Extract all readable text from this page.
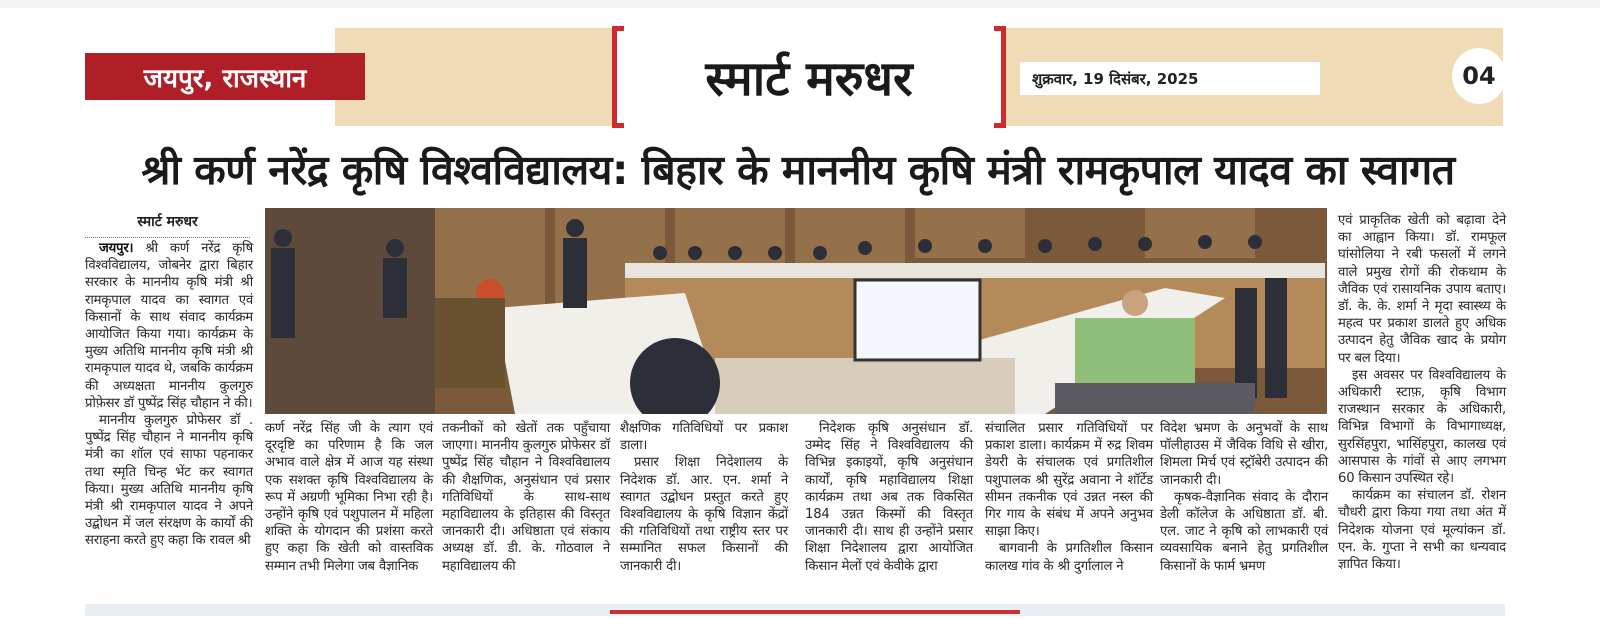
जयपुर, राजस्थान	स्मार्ट मरुधर	शुक्रवार, 19 दिसंबर, 2025	04
श्री कर्ण नरेंद्र कृषि विश्वविद्यालय: बिहार के माननीय कृषि मंत्री रामकृपाल यादव का स्वागत
स्मार्ट मरुधर

जयपुर। श्री कर्ण नरेंद्र कृषि विश्वविद्यालय, जोबनेर द्वारा बिहार सरकार के माननीय कृषि मंत्री श्री रामकृपाल यादव का स्वागत एवं किसानों के साथ संवाद कार्यक्रम आयोजित किया गया। कार्यक्रम के मुख्य अतिथि माननीय कृषि मंत्री श्री रामकृपाल यादव थे, जबकि कार्यक्रम की अध्यक्षता माननीय कुलगुरु प्रोफ़ेसर डॉ पुष्पेंद्र सिंह चौहान ने की।

माननीय कुलगुरु प्रोफेसर डॉ . पुष्पेंद्र सिंह चौहान ने माननीय कृषि मंत्री का शॉल एवं साफा पहनाकर तथा स्मृति चिन्ह भेंट कर स्वागत किया। मुख्य अतिथि माननीय कृषि मंत्री श्री रामकृपाल यादव ने अपने उद्बोधन में जल संरक्षण के कार्यों की सराहना करते हुए कहा कि रावल श्री

कर्ण नरेंद्र सिंह जी के त्याग एवं दूरदृष्टि का परिणाम है कि जल अभाव वाले क्षेत्र में आज यह संस्था एक सशक्त कृषि विश्वविद्यालय के रूप में अग्रणी भूमिका निभा रही है। उन्होंने कृषि एवं पशुपालन में महिला शक्ति के योगदान की प्रशंसा करते हुए कहा कि खेती को वास्तविक सम्मान तभी मिलेगा जब वैज्ञानिक

तकनीकों को खेतों तक पहुँचाया जाएगा। माननीय कुलगुरु प्रोफेसर डॉ पुष्पेंद्र सिंह चौहान ने विश्वविद्यालय की शैक्षणिक, अनुसंधान एवं प्रसार गतिविधियों के साथ-साथ महाविद्यालय के इतिहास की विस्तृत जानकारी दी। अधिष्ठाता एवं संकाय अध्यक्ष डॉ. डी. के. गोठवाल ने महाविद्यालय की

शैक्षणिक गतिविधियों पर प्रकाश डाला।

प्रसार शिक्षा निदेशालय के निदेशक डॉ. आर. एन. शर्मा ने स्वागत उद्बोधन प्रस्तुत करते हुए विश्वविद्यालय के कृषि विज्ञान केंद्रों की गतिविधियों तथा राष्ट्रीय स्तर पर सम्मानित सफल किसानों की जानकारी दी।

निदेशक कृषि अनुसंधान डॉ. उम्मेद सिंह ने विश्वविद्यालय की विभिन्न इकाइयों, कृषि अनुसंधान कार्यों, कृषि महाविद्यालय शिक्षा कार्यक्रम तथा अब तक विकसित 184 उन्नत किस्मों की विस्तृत जानकारी दी। साथ ही उन्होंने प्रसार शिक्षा निदेशालय द्वारा आयोजित किसान मेलों एवं केवीके द्वारा

संचालित प्रसार गतिविधियों पर प्रकाश डाला। कार्यक्रम में रुद्र शिवम डेयरी के संचालक एवं प्रगतिशील पशुपालक श्री सुरेंद्र अवाना ने शॉर्टेड सीमन तकनीक एवं उन्नत नस्ल की गिर गाय के संबंध में अपने अनुभव साझा किए।

बागवानी के प्रगतिशील किसान कालख गांव के श्री दुर्गालाल ने

विदेश भ्रमण के अनुभवों के साथ पॉलीहाउस में जैविक विधि से खीरा, शिमला मिर्च एवं स्ट्रॉबेरी उत्पादन की जानकारी दी।

कृषक-वैज्ञानिक संवाद के दौरान डेली कॉलेज के अधिष्ठाता डॉ. बी. एल. जाट ने कृषि को लाभकारी एवं व्यवसायिक बनाने हेतु प्रगतिशील किसानों के फार्म भ्रमण

एवं प्राकृतिक खेती को बढ़ावा देने का आह्वान किया। डॉ. रामफूल घांसोलिया ने रबी फसलों में लगने वाले प्रमुख रोगों की रोकथाम के जैविक एवं रासायनिक उपाय बताए। डॉ. के. के. शर्मा ने मृदा स्वास्थ्य के महत्व पर प्रकाश डालते हुए अधिक उत्पादन हेतु जैविक खाद के प्रयोग पर बल दिया।

इस अवसर पर विश्वविद्यालय के अधिकारी स्टाफ़, कृषि विभाग राजस्थान सरकार के अधिकारी, विभिन्न विभागों के विभागाध्यक्ष, सुरसिंहपुरा, भासिंहपुरा, कालख एवं आसपास के गांवों से आए लगभग 60 किसान उपस्थित रहे।

कार्यक्रम का संचालन डॉ. रोशन चौधरी द्वारा किया गया तथा अंत में निदेशक योजना एवं मूल्यांकन डॉ. एन. के. गुप्ता ने सभी का धन्यवाद ज्ञापित किया।
